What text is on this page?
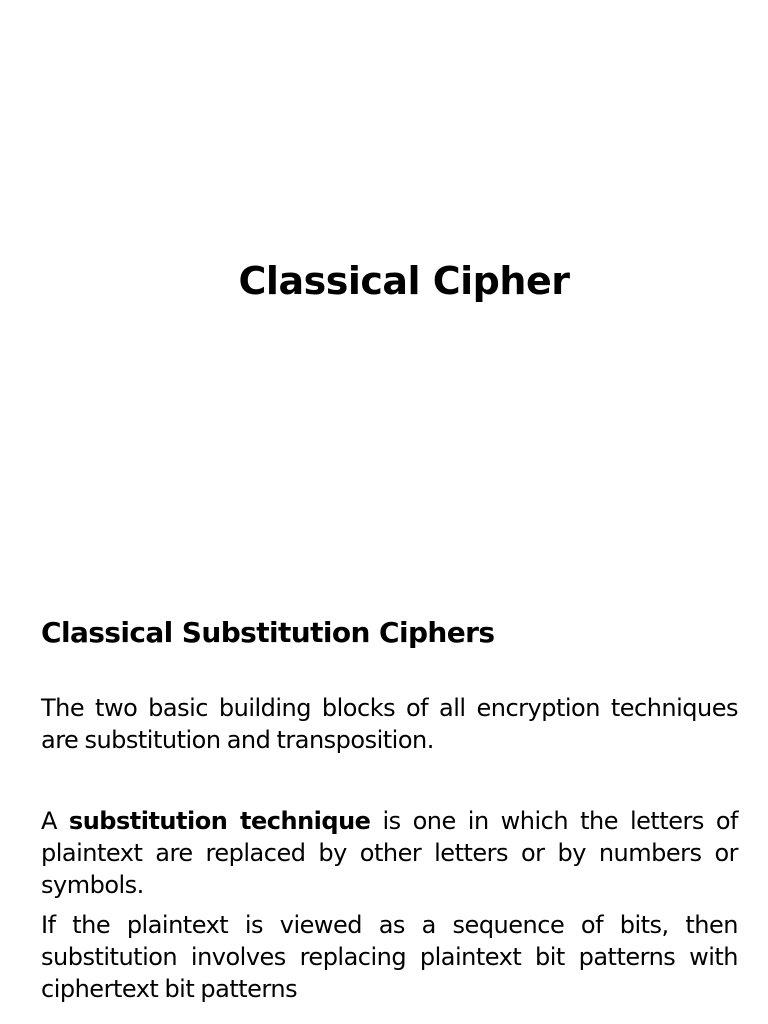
Classical Cipher
Classical Substitution Ciphers
The two basic building blocks of all encryption techniques are substitution and transposition.
A substitution technique is one in which the letters of plaintext are replaced by other letters or by numbers or symbols.
If the plaintext is viewed as a sequence of bits, then substitution involves replacing plaintext bit patterns with ciphertext bit patterns
